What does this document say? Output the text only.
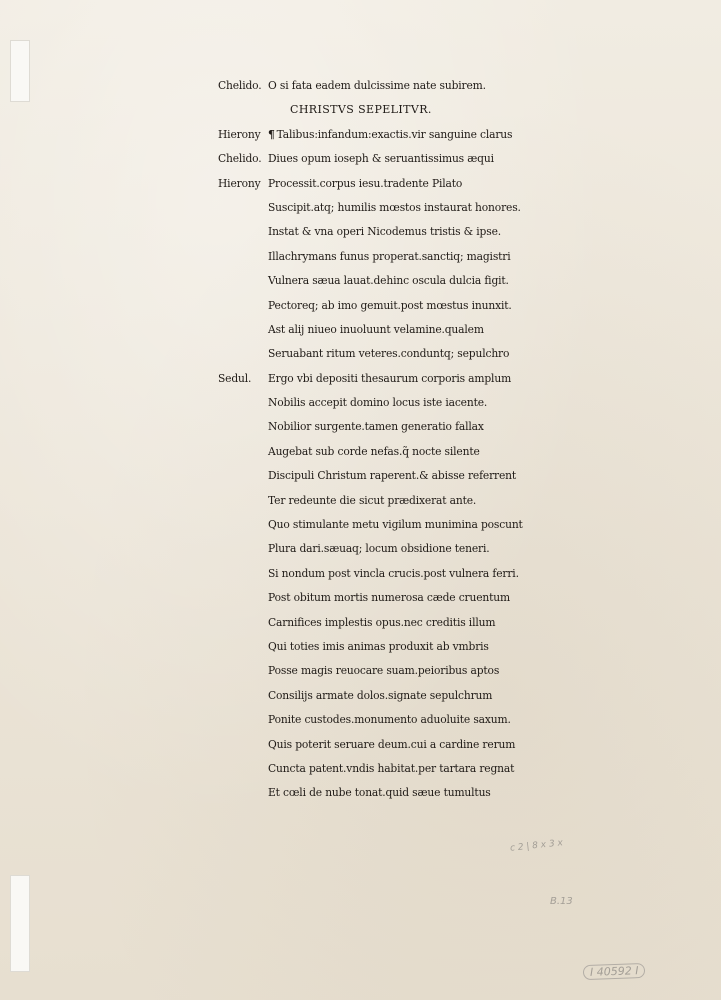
Chelido. O si fata eadem dulcissime nate subirem.
CHRISTVS SEPELITVR.
Hierony ¶ Talibus:infandum:exactis.vir sanguine clarus
Chelido. Diues opum ioseph & seruantissimus æqui
Hierony Processit.corpus iesu.tradente Pilato
Suscipit.atq; humilis mœstos instaurat honores.
Instat & vna operi Nicodemus tristis & ipse.
Illachrymans funus properat.sanctiq; magistri
Vulnera sæua lauat.dehinc oscula dulcia figit.
Pectoreq; ab imo gemuit.post mœstus inunxit.
Ast alij niueo inuoluunt velamine.qualem
Seruabant ritum veteres.conduntq; sepulchro
Sedul.	Ergo vbi depositi thesaurum corporis amplum
Nobilis accepit domino locus iste iacente.
Nobilior surgente.tamen generatio fallax
Augebat sub corde nefas.q̃ nocte silente
Discipuli Christum raperent.& abisse referrent
Ter redeunte die sicut prædixerat ante.
Quo stimulante metu vigilum munimina poscunt
Plura dari.sæuaq; locum obsidione teneri.
Si nondum post vincla crucis.post vulnera ferri.
Post obitum mortis numerosa cæde cruentum
Carnifices implestis opus.nec creditis illum
Qui toties imis animas produxit ab vmbris
Posse magis reuocare suam.peioribus aptos
Consilijs armate dolos.signate sepulchrum
Ponite custodes.monumento aduoluite saxum.
Quis poterit seruare deum.cui a cardine rerum
Cuncta patent.vndis habitat.per tartara regnat
Et cœli de nube tonat.quid sæue tumultus
c 2 | 8 x 3 x
B.13
I 40592 I
